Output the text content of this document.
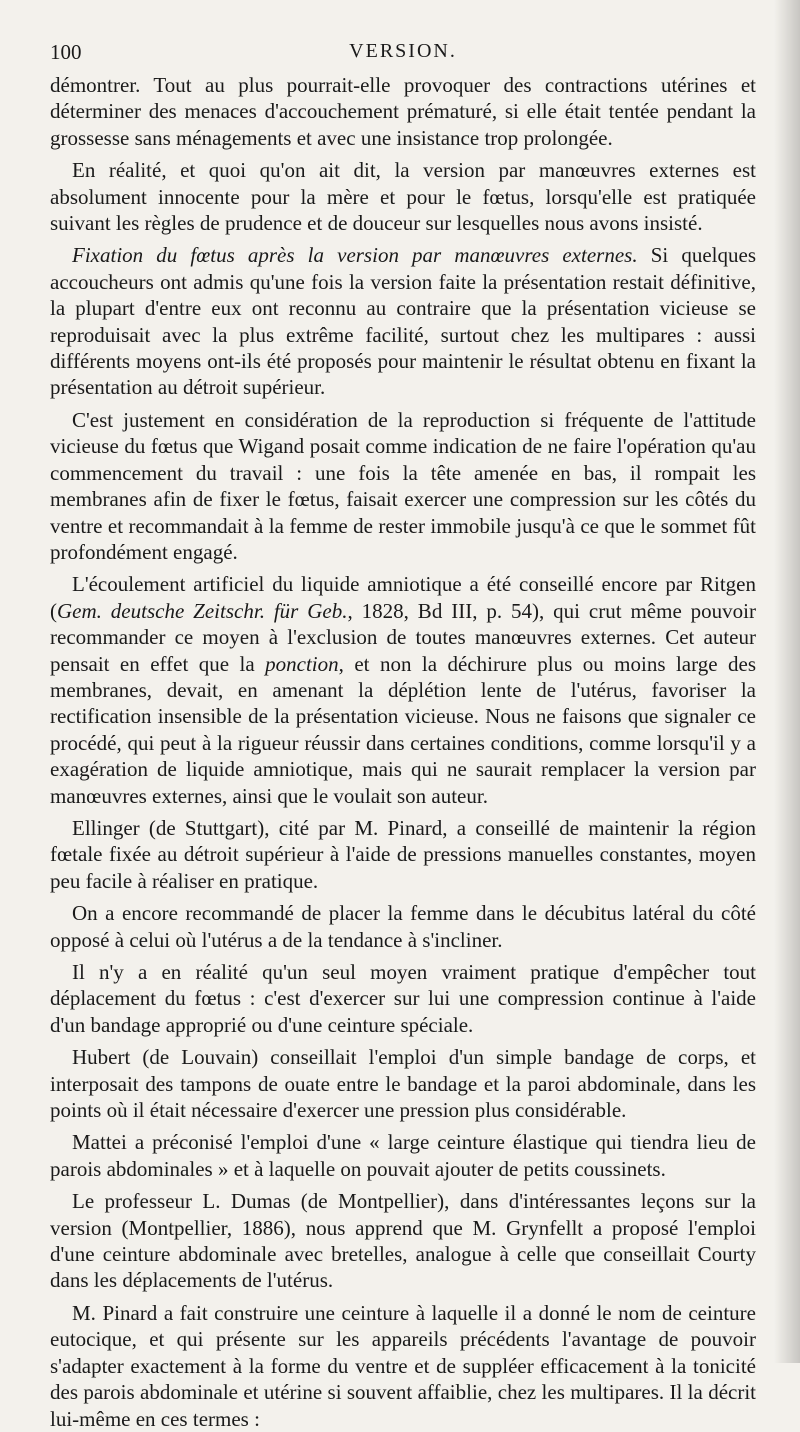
100	VERSION.

démontrer. Tout au plus pourrait-elle provoquer des contractions utérines et déterminer des menaces d'accouchement prématuré, si elle était tentée pendant la grossesse sans ménagements et avec une insistance trop prolongée.

En réalité, et quoi qu'on ait dit, la version par manœuvres externes est absolument innocente pour la mère et pour le fœtus, lorsqu'elle est pratiquée suivant les règles de prudence et de douceur sur lesquelles nous avons insisté.

Fixation du fœtus après la version par manœuvres externes. Si quelques accoucheurs ont admis qu'une fois la version faite la présentation restait définitive, la plupart d'entre eux ont reconnu au contraire que la présentation vicieuse se reproduisait avec la plus extrême facilité, surtout chez les multipares : aussi différents moyens ont-ils été proposés pour maintenir le résultat obtenu en fixant la présentation au détroit supérieur.

C'est justement en considération de la reproduction si fréquente de l'attitude vicieuse du fœtus que Wigand posait comme indication de ne faire l'opération qu'au commencement du travail : une fois la tête amenée en bas, il rompait les membranes afin de fixer le fœtus, faisait exercer une compression sur les côtés du ventre et recommandait à la femme de rester immobile jusqu'à ce que le sommet fût profondément engagé.

L'écoulement artificiel du liquide amniotique a été conseillé encore par Ritgen (Gem. deutsche Zeitschr. für Geb., 1828, Bd III, p. 54), qui crut même pouvoir recommander ce moyen à l'exclusion de toutes manœuvres externes. Cet auteur pensait en effet que la ponction, et non la déchirure plus ou moins large des membranes, devait, en amenant la déplétion lente de l'utérus, favoriser la rectification insensible de la présentation vicieuse. Nous ne faisons que signaler ce procédé, qui peut à la rigueur réussir dans certaines conditions, comme lorsqu'il y a exagération de liquide amniotique, mais qui ne saurait remplacer la version par manœuvres externes, ainsi que le voulait son auteur.

Ellinger (de Stuttgart), cité par M. Pinard, a conseillé de maintenir la région fœtale fixée au détroit supérieur à l'aide de pressions manuelles constantes, moyen peu facile à réaliser en pratique.

On a encore recommandé de placer la femme dans le décubitus latéral du côté opposé à celui où l'utérus a de la tendance à s'incliner.

Il n'y a en réalité qu'un seul moyen vraiment pratique d'empêcher tout déplacement du fœtus : c'est d'exercer sur lui une compression continue à l'aide d'un bandage approprié ou d'une ceinture spéciale.

Hubert (de Louvain) conseillait l'emploi d'un simple bandage de corps, et interposait des tampons de ouate entre le bandage et la paroi abdominale, dans les points où il était nécessaire d'exercer une pression plus considérable.

Mattei a préconisé l'emploi d'une « large ceinture élastique qui tiendra lieu de parois abdominales » et à laquelle on pouvait ajouter de petits coussinets.

Le professeur L. Dumas (de Montpellier), dans d'intéressantes leçons sur la version (Montpellier, 1886), nous apprend que M. Grynfellt a proposé l'emploi d'une ceinture abdominale avec bretelles, analogue à celle que conseillait Courty dans les déplacements de l'utérus.

M. Pinard a fait construire une ceinture à laquelle il a donné le nom de ceinture eutocique, et qui présente sur les appareils précédents l'avantage de pouvoir s'adapter exactement à la forme du ventre et de suppléer efficacement à la tonicité des parois abdominale et utérine si souvent affaiblie, chez les multipares. Il la décrit lui-même en ces termes :
